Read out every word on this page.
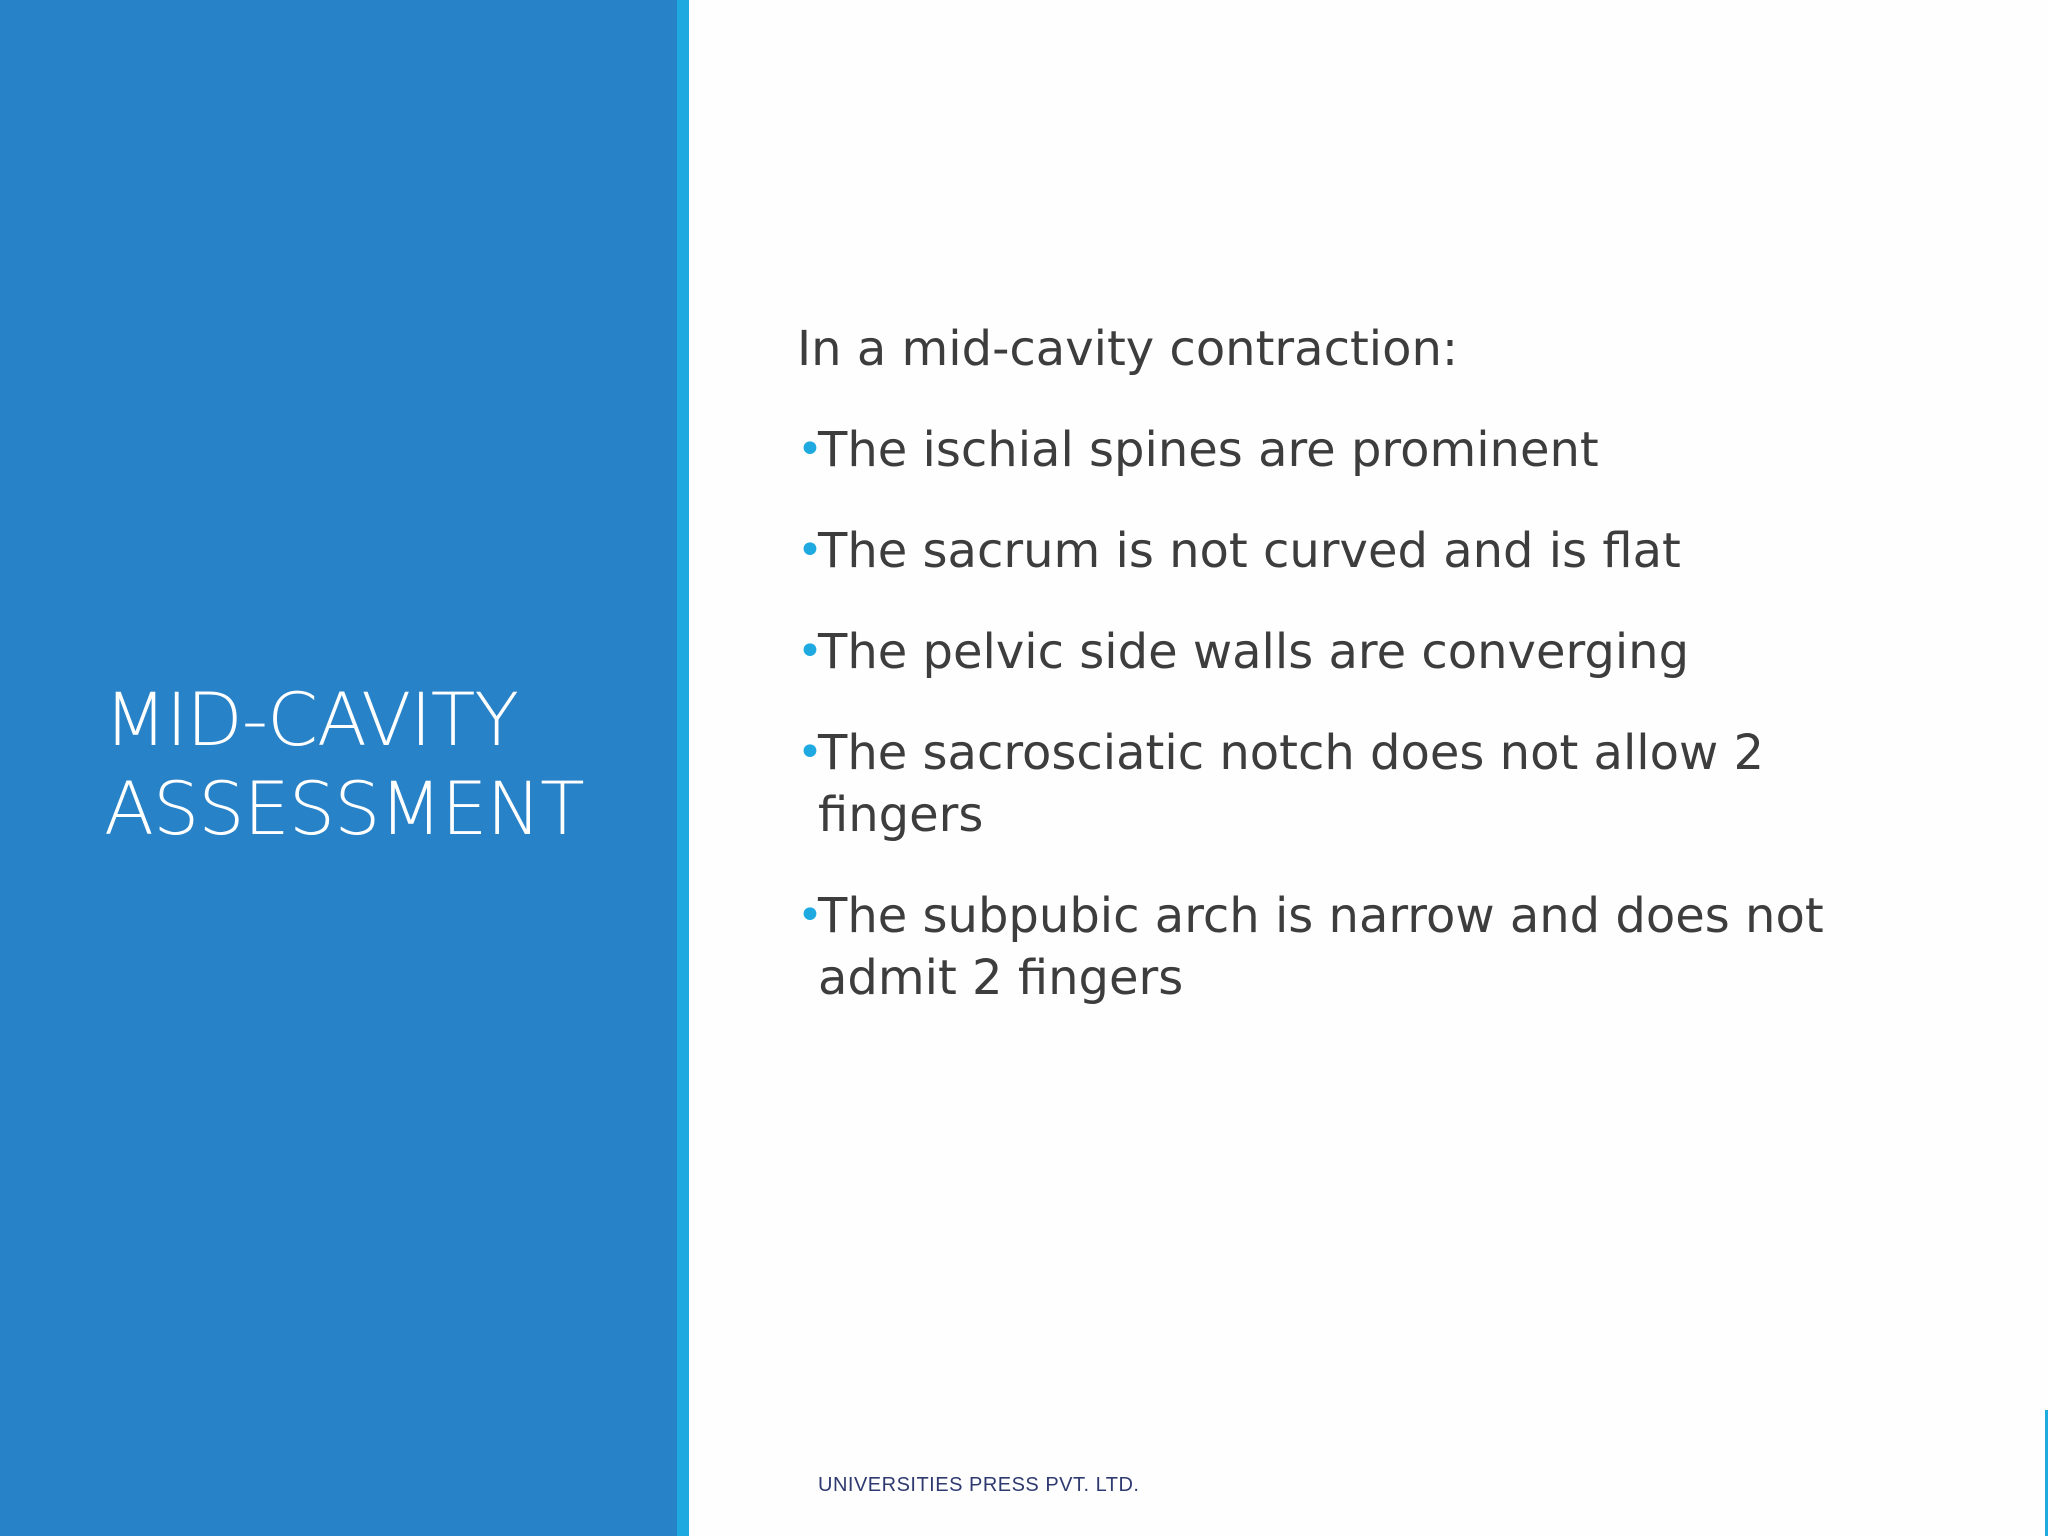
MID-CAVITY
ASSESSMENT

In a mid-cavity contraction:

•
The ischial spines are prominent
•
The sacrum is not curved and is flat
•
The pelvic side walls are converging
•
The sacrosciatic notch does not allow 2 fingers
•
The subpubic arch is narrow and does not admit 2 fingers
UNIVERSITIES PRESS PVT. LTD.
